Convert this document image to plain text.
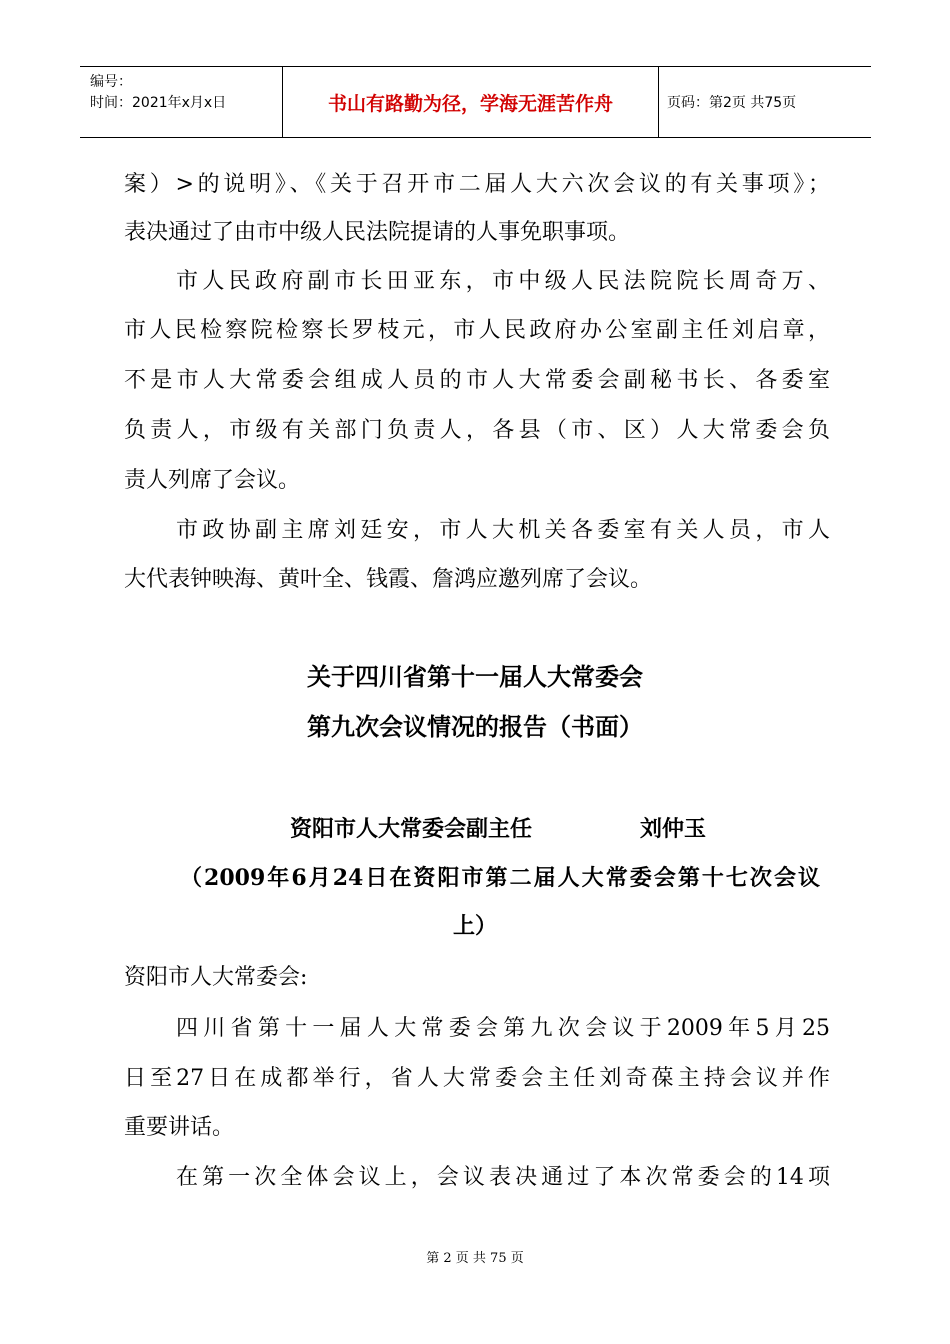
编号：
时间：2021年x月x日	书山有路勤为径，学海无涯苦作舟	页码：第2页 共75页
案）>的说明》、《关于召开市二届人大六次会议的有关事项》；
表决通过了由市中级人民法院提请的人事免职事项。
市人民政府副市长田亚东，市中级人民法院院长周奇万、
市人民检察院检察长罗枝元，市人民政府办公室副主任刘启章，
不是市人大常委会组成人员的市人大常委会副秘书长、各委室
负责人，市级有关部门负责人，各县（市、区）人大常委会负
责人列席了会议。
市政协副主席刘廷安，市人大机关各委室有关人员，市人
大代表钟映海、黄叶全、钱霞、詹鸿应邀列席了会议。
关于四川省第十一届人大常委会
第九次会议情况的报告（书面）
资阳市人大常委会副主任	刘仲玉
（2009年6月24日在资阳市第二届人大常委会第十七次会议
上）
资阳市人大常委会:
四川省第十一届人大常委会第九次会议于2009年5月25
日至27日在成都举行，省人大常委会主任刘奇葆主持会议并作
重要讲话。
在第一次全体会议上，会议表决通过了本次常委会的14项
第 2 页 共 75 页
